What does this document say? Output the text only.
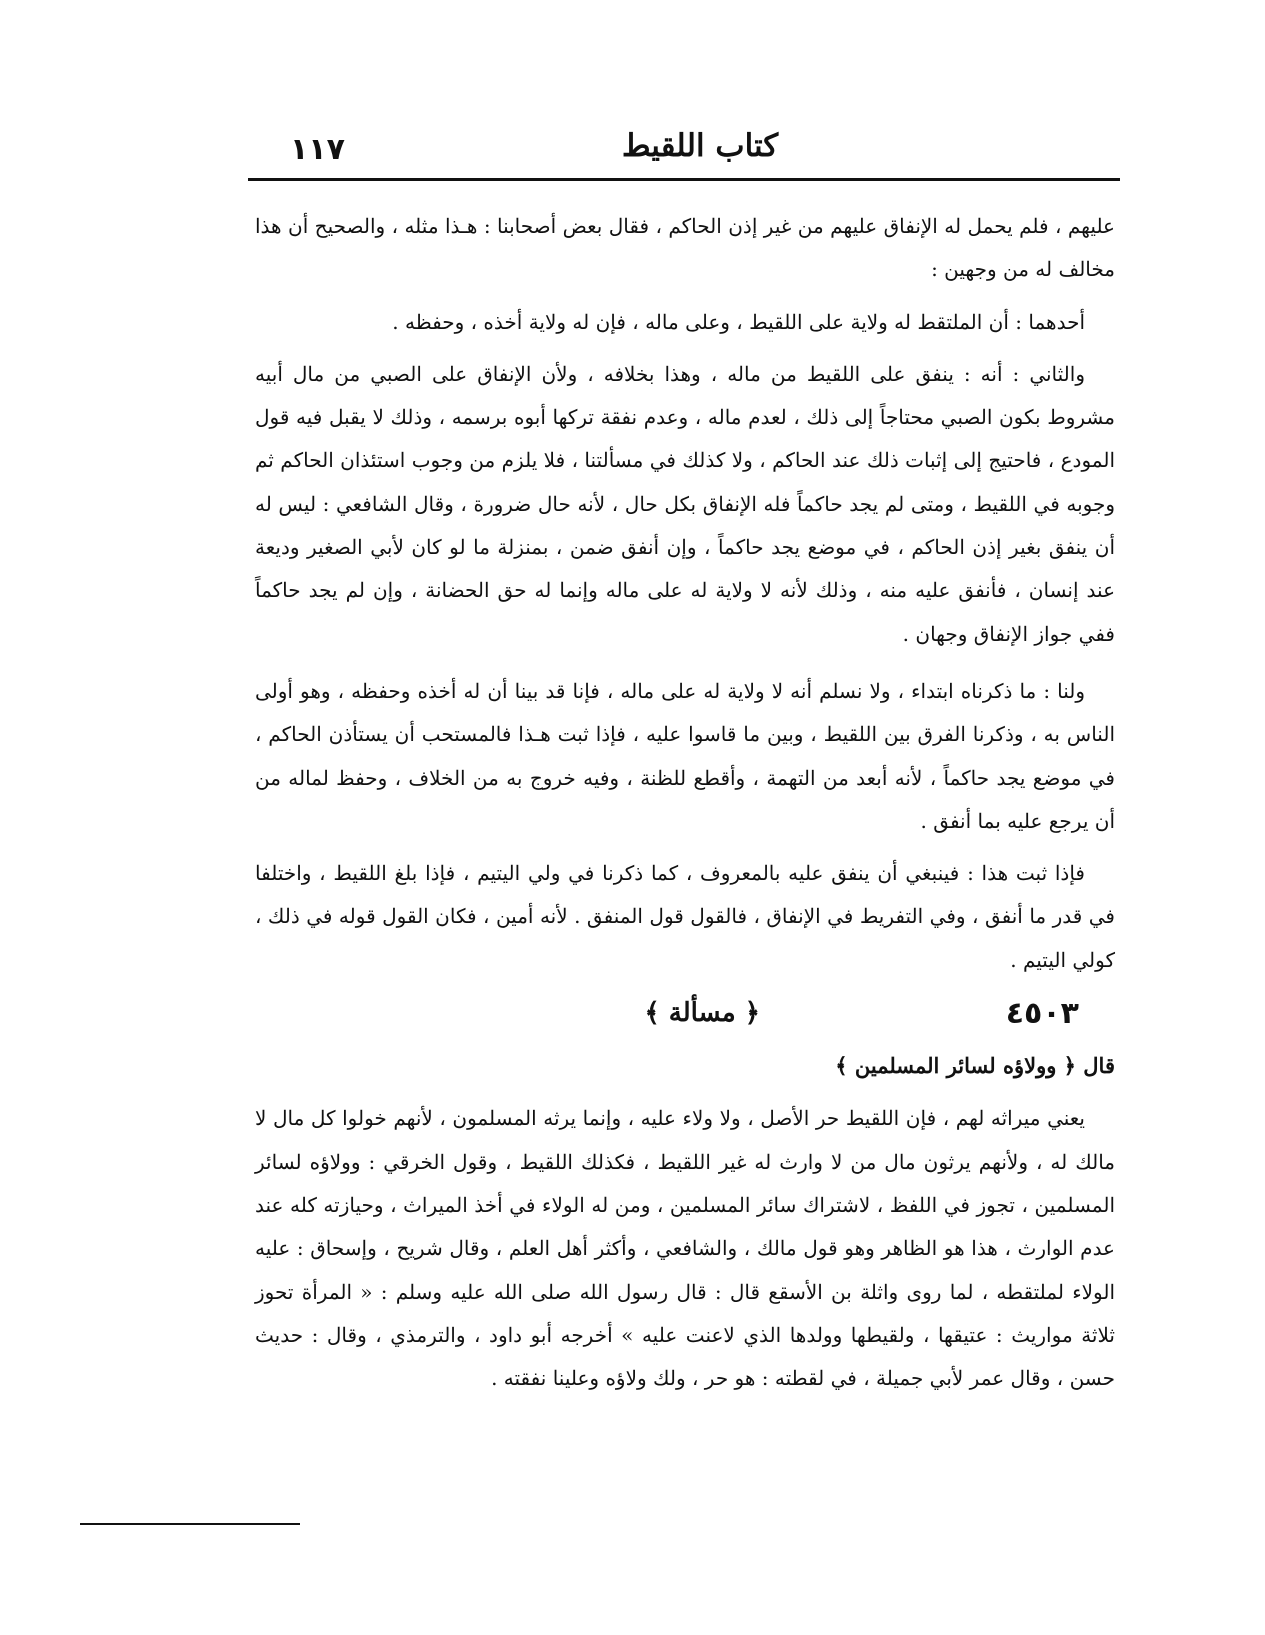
١١٧	كتاب اللقيط

عليهم ، فلم يحمل له الإنفاق عليهم من غير إذن الحاكم ، فقال بعض أصحابنا : هـذا مثله ، والصحيح أن هذا مخالف له من وجهين :

أحدهما : أن الملتقط له ولاية على اللقيط ، وعلى ماله ، فإن له ولاية أخذه ، وحفظه .

والثاني : أنه : ينفق على اللقيط من ماله ، وهذا بخلافه ، ولأن الإنفاق على الصبي من مال أبيه مشروط بكون الصبي محتاجاً إلى ذلك ، لعدم ماله ، وعدم نفقة تركها أبوه برسمه ، وذلك لا يقبل فيه قول المودع ، فاحتيج إلى إثبات ذلك عند الحاكم ، ولا كذلك في مسألتنا ، فلا يلزم من وجوب استئذان الحاكم ثم وجوبه في اللقيط ، ومتى لم يجد حاكماً فله الإنفاق بكل حال ، لأنه حال ضرورة ، وقال الشافعي : ليس له أن ينفق بغير إذن الحاكم ، في موضع يجد حاكماً ، وإن أنفق ضمن ، بمنزلة ما لو كان لأبي الصغير وديعة عند إنسان ، فأنفق عليه منه ، وذلك لأنه لا ولاية له على ماله وإنما له حق الحضانة ، وإن لم يجد حاكماً ففي جواز الإنفاق وجهان .

ولنا : ما ذكرناه ابتداء ، ولا نسلم أنه لا ولاية له على ماله ، فإنا قد بينا أن له أخذه وحفظه ، وهو أولى الناس به ، وذكرنا الفرق بين اللقيط ، وبين ما قاسوا عليه ، فإذا ثبت هـذا فالمستحب أن يستأذن الحاكم ، في موضع يجد حاكماً ، لأنه أبعد من التهمة ، وأقطع للظنة ، وفيه خروج به من الخلاف ، وحفظ لماله من أن يرجع عليه بما أنفق .

فإذا ثبت هذا : فينبغي أن ينفق عليه بالمعروف ، كما ذكرنا في ولي اليتيم ، فإذا بلغ اللقيط ، واختلفا في قدر ما أنفق ، وفي التفريط في الإنفاق ، فالقول قول المنفق . لأنه أمين ، فكان القول قوله في ذلك ، كولي اليتيم .

٤٥٠٣
﴿ مسألة ﴾

قال ﴿ وولاؤه لسائر المسلمين ﴾

يعني ميراثه لهم ، فإن اللقيط حر الأصل ، ولا ولاء عليه ، وإنما يرثه المسلمون ، لأنهم خولوا كل مال لا مالك له ، ولأنهم يرثون مال من لا وارث له غير اللقيط ، فكذلك اللقيط ، وقول الخرقي : وولاؤه لسائر المسلمين ، تجوز في اللفظ ، لاشتراك سائر المسلمين ، ومن له الولاء في أخذ الميراث ، وحيازته كله عند عدم الوارث ، هذا هو الظاهر وهو قول مالك ، والشافعي ، وأكثر أهل العلم ، وقال شريح ، وإسحاق : عليه الولاء لملتقطه ، لما روى واثلة بن الأسقع قال : قال رسول الله صلى الله عليه وسلم : « المرأة تحوز ثلاثة مواريث : عتيقها ، ولقيطها وولدها الذي لاعنت عليه » أخرجه أبو داود ، والترمذي ، وقال : حديث حسن ، وقال عمر لأبي جميلة ، في لقطته : هو حر ، ولك ولاؤه وعلينا نفقته .
